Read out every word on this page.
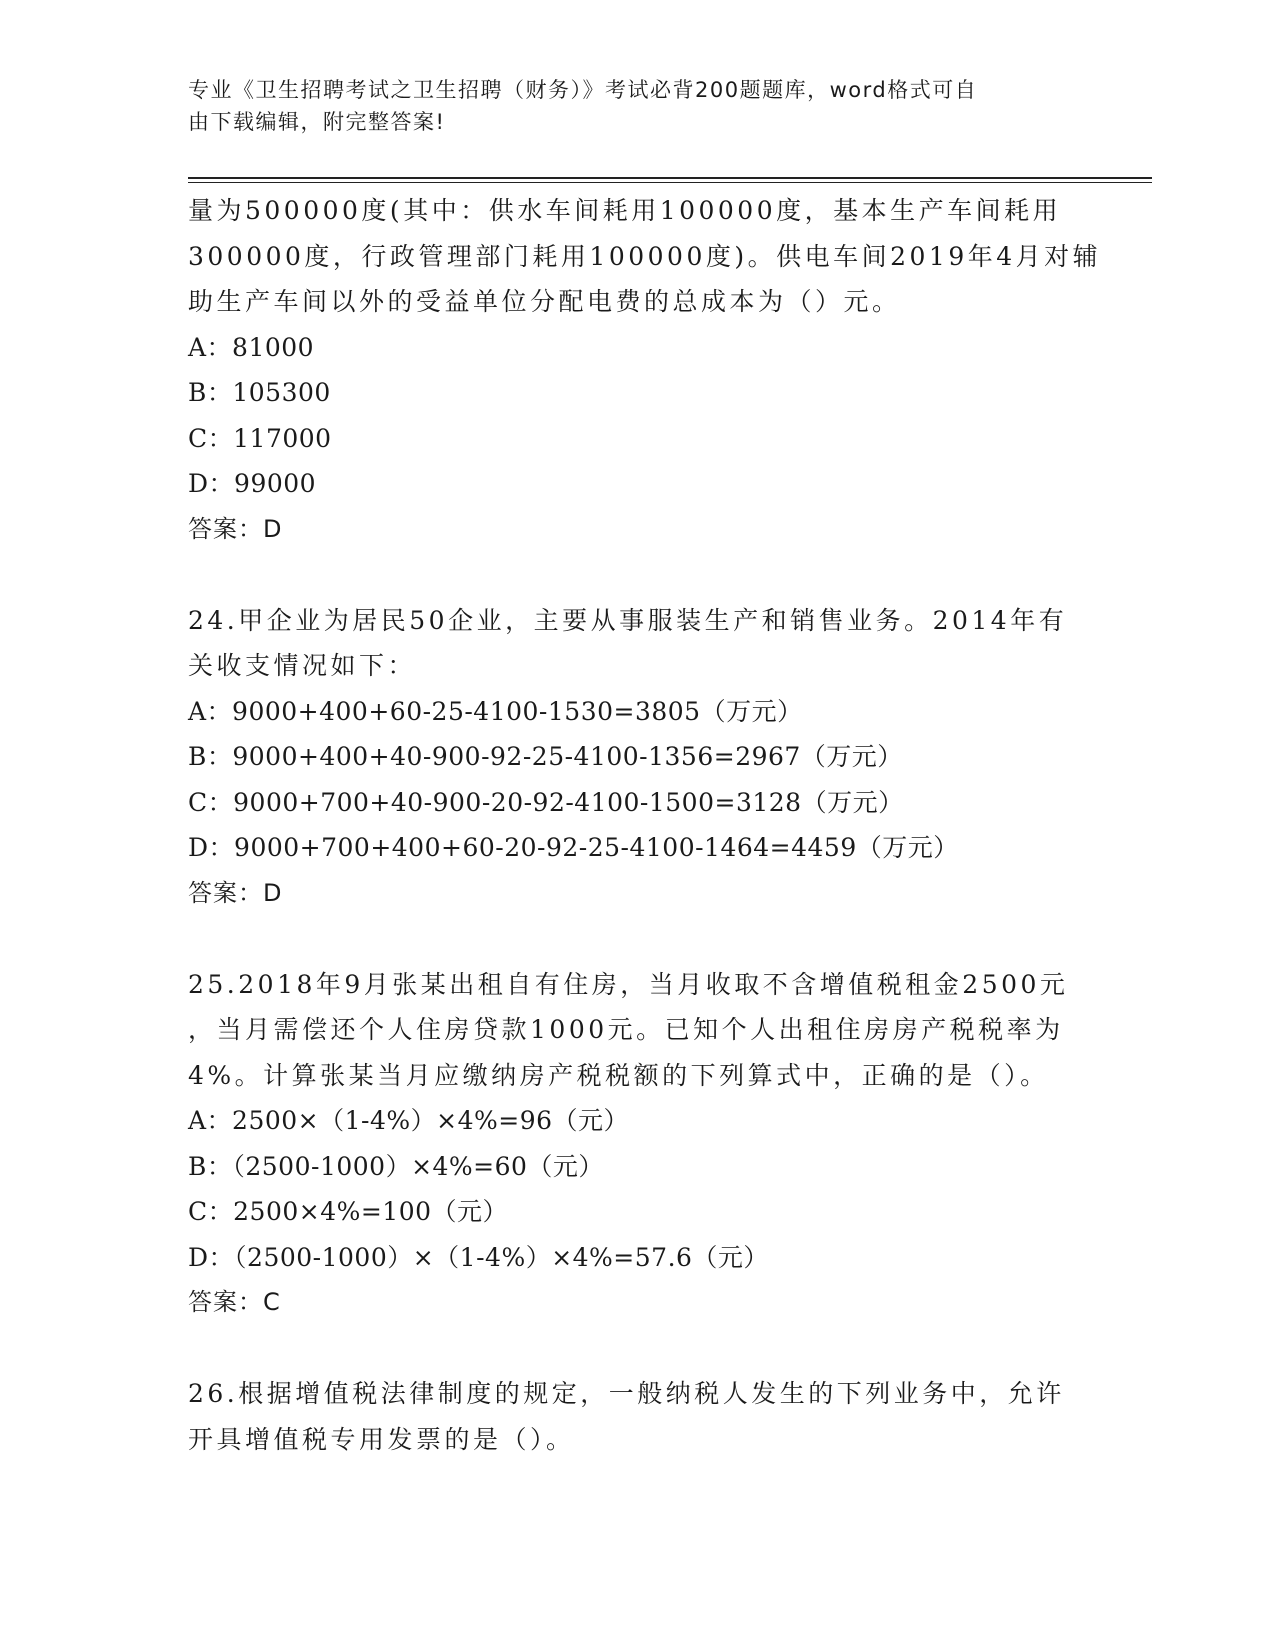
专业《卫生招聘考试之卫生招聘（财务）》考试必背200题题库，word格式可自
由下载编辑，附完整答案!
量为500000度(其中：供水车间耗用100000度，基本生产车间耗用
300000度，行政管理部门耗用100000度)。供电车间2019年4月对辅
助生产车间以外的受益单位分配电费的总成本为（）元。
A：81000
B：105300
C：117000
D：99000
答案：D
24.甲企业为居民50企业，主要从事服装生产和销售业务。2014年有
关收支情况如下：
A：9000+400+60-25-4100-1530=3805（万元）
B：9000+400+40-900-92-25-4100-1356=2967（万元）
C：9000+700+40-900-20-92-4100-1500=3128（万元）
D：9000+700+400+60-20-92-25-4100-1464=4459（万元）
答案：D
25.2018年9月张某出租自有住房，当月收取不含增值税租金2500元
，当月需偿还个人住房贷款1000元。已知个人出租住房房产税税率为
4%。计算张某当月应缴纳房产税税额的下列算式中，正确的是（）。
A：2500×（1-4%）×4%=96（元）
B：（2500-1000）×4%=60（元）
C：2500×4%=100（元）
D：（2500-1000）×（1-4%）×4%=57.6（元）
答案：C
26.根据增值税法律制度的规定，一般纳税人发生的下列业务中，允许
开具增值税专用发票的是（）。
